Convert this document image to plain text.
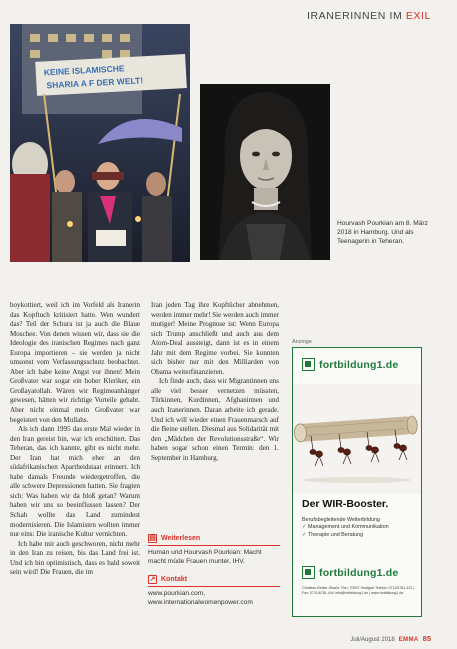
IRANERINNEN IM EXIL
KEINE ISLAMISCHE
SHARIA A F DER WELT!
Hourvash Pourkian am 8. März 2018 in Hamburg. Und als Teenagerin in Teheran.

boykottiert, weil ich im Vorfeld als Iranerin das Kopftuch kritisiert hatte. Wen wundert das? Teil der Schura ist ja auch die Blaue Moschee. Von denen wissen wir, dass sie die Ideologie des iranischen Regimes nach ganz Europa importieren – sie werden ja nicht umsonst vom Verfassungsschutz beobachtet. Aber ich habe keine Angst vor ihnen! Mein Großvater war sogar ein hoher Kleriker, ein Großayatollah. Wären wir Regimeanhänger gewesen, hätten wir richtige Vorteile gehabt. Aber nicht einmal mein Großvater war begeistert von den Mullahs.

Als ich dann 1995 das erste Mal wieder in den Iran gereist bin, war ich erschüttert. Das Teheran, das ich kannte, gibt es nicht mehr. Der Iran hat mich eher an den südafrikanischen Apartheidstaat erinnert. Ich habe damals Freunde wiedergetroffen, die alle schwere Depressionen hatten. Sie fragten sich: Was haben wir da bloß getan? Warum haben wir uns so beeinflussen lassen? Der Schah wollte das Land zumindest modernisieren. Die Islamisten wollten immer nur eins: Die iranische Kultur vernichten.

Ich habe mir auch geschworen, nicht mehr in den Iran zu reisen, bis das Land frei ist. Und ich bin optimistisch, dass es bald soweit sein wird! Die Frauen, die im

Iran jeden Tag ihre Kopftücher abnehmen, werden immer mehr! Sie werden auch immer mutiger! Meine Prognose ist: Wenn Europa sich Trump anschließt und auch aus dem Atom-Deal aussteigt, dann ist es in einem Jahr mit dem Regime vorbei. Sie konnten sich bisher nur mit den Milliarden von Obama weiterfinanzieren.

Ich finde auch, dass wir Migrantinnen uns alle viel besser vernetzen müssten, Türkinnen, Kurdinnen, Afghaninnen und auch Iranerinnen. Daran arbeite ich gerade. Und ich will wieder einen Frauenmarsch auf die Beine stellen. Diesmal aus Solidarität mit den „Mädchen der Revolutionsstraße“. Wir haben sogar schon einen Termin: den 1. September in Hamburg.

▤ Weiterlesen
Human und Hourvash Pourkian: Macht macht müde Frauen munter, IHV.
↗ Kontakt
www.pourkian.com,
www.internationalwomenpower.com
Anzeige
fortbildung1.de
Der WIR-Booster.
Berufsbegleitende Weiterbildung
✓ Management und Kommunikation
✓ Therapie und Beratung
fortbildung1.de
Christian-Belser-Straße 79a | 70597 Stuttgart Telefon: 0711/6781-421 | Fax: 0711/6781-444 info@fortbildung1.de | www.fortbildung1.de
Juli/August 2018 EMMA 85
